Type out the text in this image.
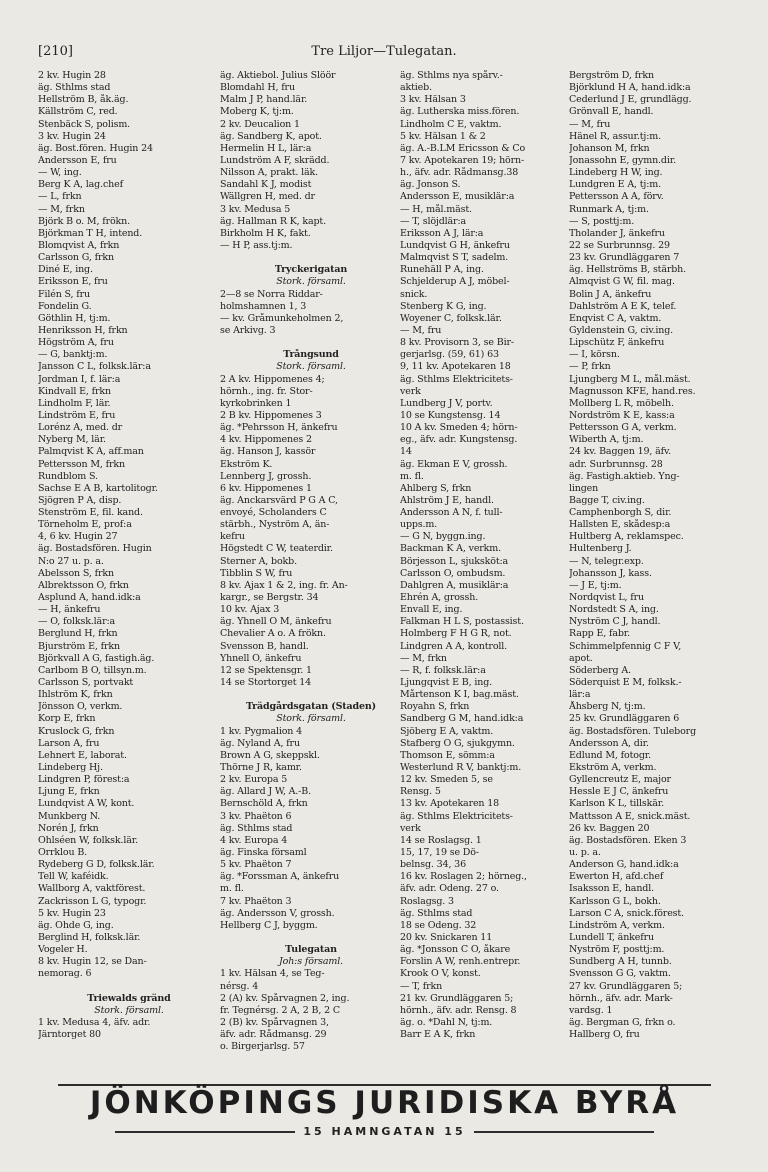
[210]	Tre Liljor—Tulegatan.
2 kv. Hugin 28
äg. Sthlms stad
Hellström B, åk.äg.
Källström C, red.
Stenbäck S, polism.
3 kv. Hugin 24
äg. Bost.fören. Hugin 24
Andersson E, fru
— W, ing.
Berg K A, lag.chef
— L, frkn
— M, frkn
Björk B o. M, frökn.
Björkman T H, intend.
Blomqvist A, frkn
Carlsson G, frkn
Diné E, ing.
Eriksson E, fru
Filén S, fru
Fondelin G.
Göthlin H, tj:m.
Henriksson H, frkn
Högström A, fru
— G, banktj:m.
Jansson C L, folksk.lär:a
Jordman I, f. lär:a
Kindvall E, frkn
Lindholm F, lär.
Lindström E, fru
Lorénz A, med. dr
Nyberg M, lär.
Palmqvist K A, aff.man
Pettersson M, frkn
Rundblom S.
Sachse E A B, kartolitogr.
Sjögren P A, disp.
Stenström E, fil. kand.
Törneholm E, prof:a
4, 6 kv. Hugin 27
äg. Bostadsfören. Hugin
N:o 27 u. p. a.
Abelsson S, frkn
Albrektsson O, frkn
Asplund A, hand.idk:a
— H, änkefru
— O, folksk.lär:a
Berglund H, frkn
Bjurström E, frkn
Björkvall A G, fastigh.äg.
Carlbom B O, tillsyn.m.
Carlsson S, portvakt
Ihlström K, frkn
Jönsson O, verkm.
Korp E, frkn
Kruslock G, frkn
Larson A, fru
Lehnert E, laborat.
Lindeberg Hj.
Lindgren P, förest:a
Ljung E, frkn
Lundqvist A W, kont.
Munkberg N.
Norén J, frkn
Ohlséen W, folksk.lär.
Orrklou B.
Rydeberg G D, folksk.lär.
Tell W, kaféidk.
Wallborg A, vaktförest.
Zackrisson L G, typogr.
5 kv. Hugin 23
äg. Ohde G, ing.
Berglind H, folksk.lär.
Vogeler H.
8 kv. Hugin 12, se Dan-
nemorag. 6
Triewalds gränd
Stork. församl.
1 kv. Medusa 4, äfv. adr.
Järntorget 80
äg. Aktiebol. Julius Slöör
Blomdahl H, fru
Malm J P, hand.lär.
Moberg K, tj:m.
2 kv. Deucalion 1
äg. Sandberg K, apot.
Hermelin H L, lär:a
Lundström A F, skrädd.
Nilsson A, prakt. läk.
Sandahl K J, modist
Wällgren H, med. dr
3 kv. Medusa 5
äg. Hallman R K, kapt.
Birkholm H K, fakt.
— H P, ass.tj:m.
Tryckerigatan
Stork. församl.
2—8 se Norra Riddar-
holmshamnen 1, 3
— kv. Gråmunkeholmen 2,
se Arkivg. 3
Trångsund
Stork. församl.
2 A kv. Hippomenes 4;
hörnh., ing. fr. Stor-
kyrkobrinken 1
2 B kv. Hippomenes 3
äg. *Pehrsson H, änkefru
4 kv. Hippomenes 2
äg. Hanson J, kassör
Ekström K.
Lennberg J, grossh.
6 kv. Hippomenes 1
äg. Anckarsvärd P G A C,
envoyé, Scholanders C
stärbh., Nyström A, än-
kefru
Högstedt C W, teaterdir.
Sterner A, bokb.
Tibblin S W, fru
8 kv. Ajax 1 & 2, ing. fr. An-
kargr., se Bergstr. 34
10 kv. Ajax 3
äg. Yhnell O M, änkefru
Chevalier A o. A frökn.
Svensson B, handl.
Yhnell O, änkefru
12 se Spektensgr. 1
14 se Stortorget 14
Trädgårdsgatan (Staden)
Stork. församl.
1 kv. Pygmalion 4
äg. Nyland A, fru
Brown A G, skeppskl.
Thörne J R, kamr.
2 kv. Europa 5
äg. Allard J W, A.-B.
Bernschöld A, frkn
3 kv. Phaëton 6
äg. Sthlms stad
4 kv. Europa 4
äg. Finska församl
5 kv. Phaëton 7
äg. *Forssman A, änkefru
m. fl.
7 kv. Phaëton 3
äg. Andersson V, grossh.
Hellberg C J, byggm.
Tulegatan
Joh:s församl.
1 kv. Hälsan 4, se Teg-
nérsg. 4
2 (A) kv. Spårvagnen 2, ing.
fr. Tegnérsg. 2 A, 2 B, 2 C
2 (B) kv. Spårvagnen 3,
äfv. adr. Rådmansg. 29
o. Birgerjarlsg. 57
äg. Sthlms nya spårv.-
aktieb.
3 kv. Hälsan 3
äg. Lutherska miss.fören.
Lindholm C E, vaktm.
5 kv. Hälsan 1 & 2
äg. A.-B.LM Ericsson & Co
7 kv. Apotekaren 19; hörn-
h., äfv. adr. Rådmansg.38
äg. Jonson S.
Andersson E, musiklär:a
— H, mål.mäst.
— T, slöjdlär:a
Eriksson A J, lär:a
Lundqvist G H, änkefru
Malmqvist S T, sadelm.
Runehäll P A, ing.
Schjelderup A J, möbel-
snick.
Stenberg K G, ing.
Woyener C, folksk.lär.
— M, fru
8 kv. Provisorn 3, se Bir-
gerjarlsg. (59, 61) 63
9, 11 kv. Apotekaren 18
äg. Sthlms Elektricitets-
verk
Lundberg J V, portv.
10 se Kungstensg. 14
10 A kv. Smeden 4; hörn-
eg., äfv. adr. Kungstensg.
14
äg. Ekman E V, grossh.
m. fl.
Ahlberg S, frkn
Ahlström J E, handl.
Andersson A N, f. tull-
upps.m.
— G N, byggn.ing.
Backman K A, verkm.
Börjesson L, sjuksköt:a
Carlsson O, ombudsm.
Dahlgren A, musiklär:a
Ehrén A, grossh.
Envall E, ing.
Falkman H L S, postassist.
Holmberg F H G R, not.
Lindgren A A, kontroll.
— M, frkn
— R, f. folksk.lär:a
Ljungqvist E B, ing.
Mårtenson K I, bag.mäst.
Royahn S, frkn
Sandberg G M, hand.idk:a
Sjöberg E A, vaktm.
Stafberg O G, sjukgymn.
Thomson E, sömm:a
Westerlund R V, banktj:m.
12 kv. Smeden 5, se
Rensg. 5
13 kv. Apotekaren 18
äg. Sthlms Elektricitets-
verk
14 se Roslagsg. 1
15, 17, 19 se Dö-
belnsg. 34, 36
16 kv. Roslagen 2; hörneg.,
äfv. adr. Odeng. 27 o.
Roslagsg. 3
äg. Sthlms stad
18 se Odeng. 32
20 kv. Snickaren 11
äg. *Jonsson C O, åkare
Forslin A W, renh.entrepr.
Krook O V, konst.
— T, frkn
21 kv. Grundläggaren 5;
hörnh., äfv. adr. Rensg. 8
äg. o. *Dahl N, tj:m.
Barr E A K, frkn
Bergström D, frkn
Björklund H A, hand.idk:a
Cederlund J E, grundlägg.
Grönvall E, handl.
— M, fru
Hänel R, assur.tj:m.
Johanson M, frkn
Jonassohn E, gymn.dir.
Lindeberg H W, ing.
Lundgren E A, tj:m.
Pettersson A A, förv.
Runmark A, tj:m.
— S, posttj:m.
Tholander J, änkefru
22 se Surbrunnsg. 29
23 kv. Grundläggaren 7
äg. Hellströms B, stärbh.
Almqvist G W, fil. mag.
Bolin J A, änkefru
Dahlström A E K, telef.
Enqvist C A, vaktm.
Gyldenstein G, civ.ing.
Lipschütz F, änkefru
— I, körsn.
— P, frkn
Ljungberg M L, mål.mäst.
Magnusson KFE, hand.res.
Mollberg L R, möbelh.
Nordström K E, kass:a
Pettersson G A, verkm.
Wiberth A, tj:m.
24 kv. Baggen 19, äfv.
adr. Surbrunnsg. 28
äg. Fastigh.aktieb. Yng-
lingen
Bagge T, civ.ing.
Camphenborgh S, dir.
Hallsten E, skådesp:a
Hultberg A, reklamspec.
Hultenberg J.
— N, telegr.exp.
Johansson J, kass.
— J E, tj:m.
Nordqvist L, fru
Nordstedt S A, ing.
Nyström C J, handl.
Rapp E, fabr.
Schimmelpfennig C F V,
apot.
Söderberg A.
Söderquist E M, folksk.-
lär:a
Åhsberg N, tj:m.
25 kv. Grundläggaren 6
äg. Bostadsfören. Tuleborg
Andersson A, dir.
Edlund M, fotogr.
Ekström A, verkm.
Gyllencreutz E, major
Hessle E J C, änkefru
Karlson K L, tillskär.
Mattsson A E, snick.mäst.
26 kv. Baggen 20
äg. Bostadsfören. Eken 3
u. p. a.
Anderson G, hand.idk:a
Ewerton H, afd.chef
Isaksson E, handl.
Karlsson G L, bokh.
Larson C A, snick.förest.
Lindström A, verkm.
Lundell T, änkefru
Nyström F, posttj:m.
Sundberg A H, tunnb.
Svensson G G, vaktm.
27 kv. Grundläggaren 5;
hörnh., äfv. adr. Mark-
vardsg. 1
äg. Bergman G, frkn o.
Hallberg O, fru
JÖNKÖPINGS JURIDISKA BYRÅ
15 HAMNGATAN 15
